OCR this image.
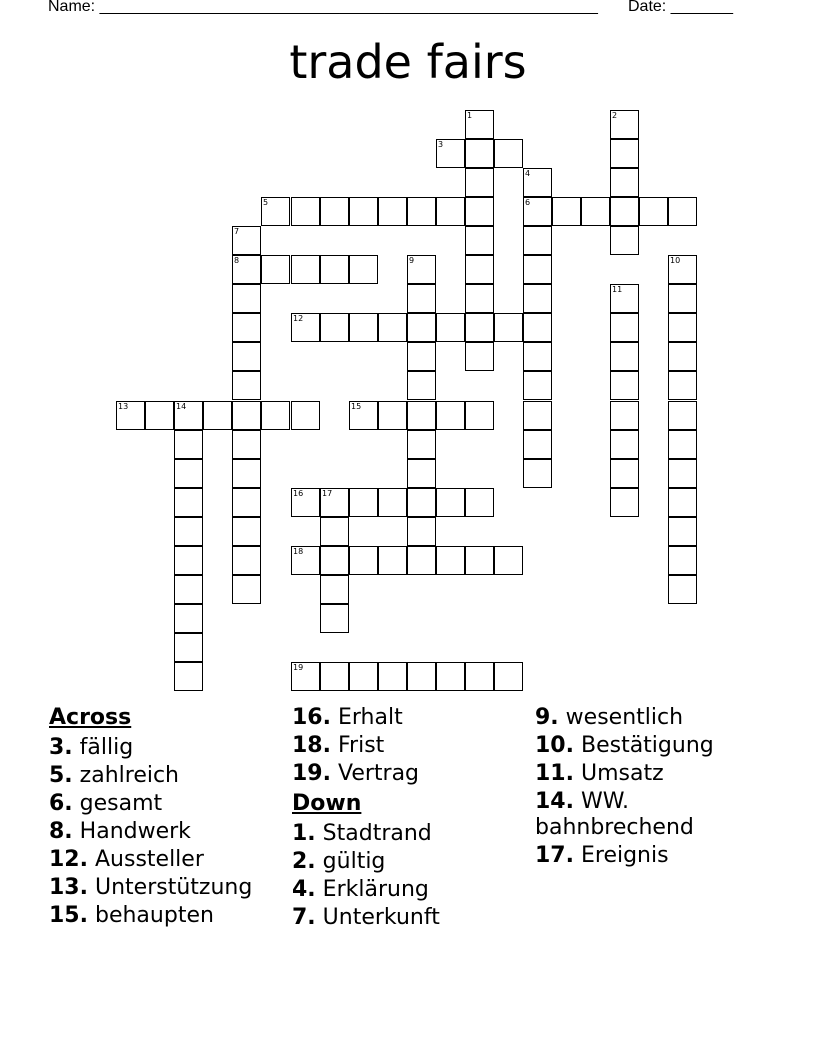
Name: ________________________________________________________ Date: _______
trade fairs
1	2
3
4
6
5
7
8	9	10
11
12
13	14	15
16 17
18
19
Across
3. fällig
5. zahlreich
6. gesamt
8. Handwerk
12. Aussteller
13. Unterstützung
15. behaupten
16. Erhalt
18. Frist
19. Vertrag
Down
1. Stadtrand
2. gültig
4. Erklärung
7. Unterkunft
9. wesentlich
10. Bestätigung
11. Umsatz
14. WW. bahnbrechend
17. Ereignis
